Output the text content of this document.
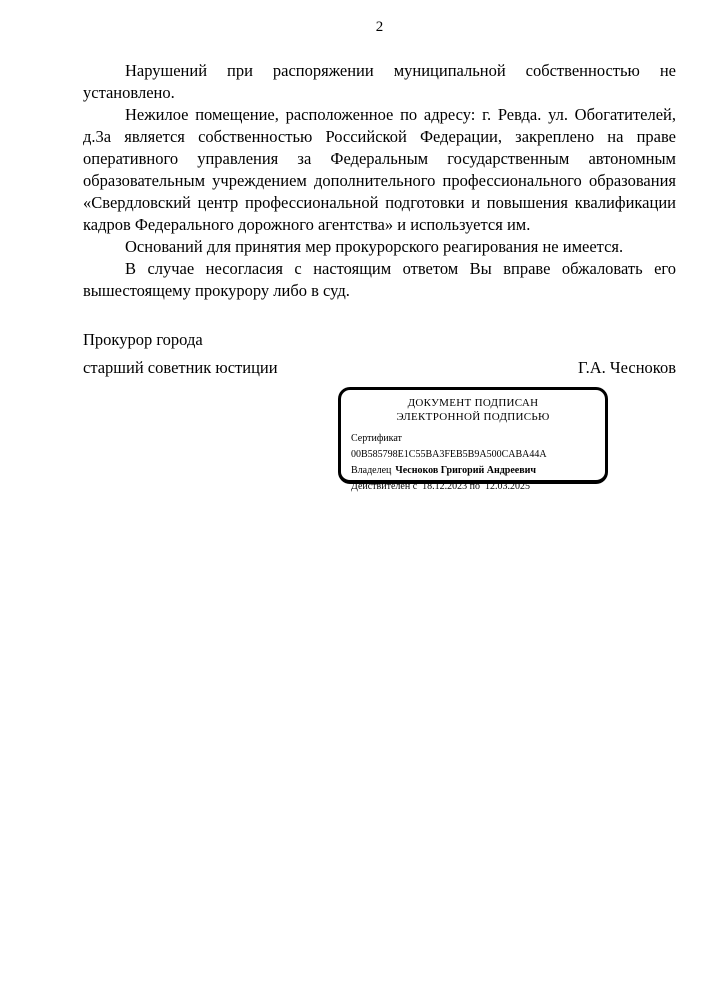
2

Нарушений при распоряжении муниципальной собственностью не установлено.

Нежилое помещение, расположенное по адресу: г. Ревда. ул. Обогатителей, д.3а является собственностью Российской Федерации, закреплено на праве оперативного управления за Федеральным государственным автономным образовательным учреждением дополнительного профессионального образования «Свердловский центр профессиональной подготовки и повышения квалификации кадров Федерального дорожного агентства» и используется им.

Оснований для принятия мер прокурорского реагирования не имеется.

В случае несогласия с настоящим ответом Вы вправе обжаловать его вышестоящему прокурору либо в суд.

Прокурор города

старший советник юстиции	Г.А. Чесноков
ДОКУМЕНТ ПОДПИСАН
ЭЛЕКТРОННОЙ ПОДПИСЬЮ
Сертификат00B585798E1C55BA3FEB5B9A500CABA44A
Владелец Чесноков Григорий Андреевич
Действителен с  18.12.2023 по  12.03.2025
